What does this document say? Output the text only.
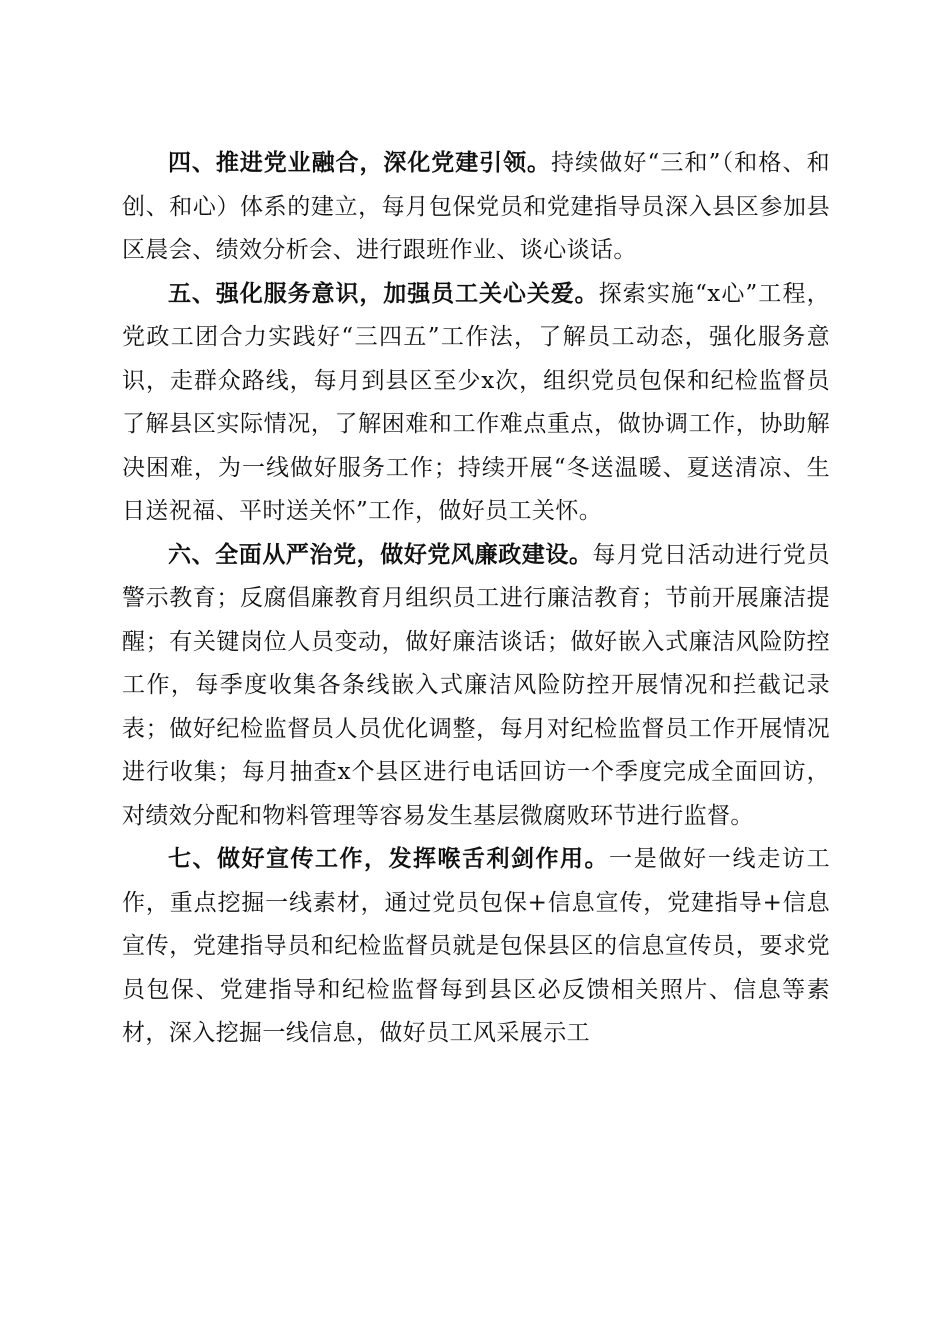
四、推进党业融合，深化党建引领。持续做好“三和”（和格、和创、和心）体系的建立，每月包保党员和党建指导员深入县区参加县区晨会、绩效分析会、进行跟班作业、谈心谈话。

五、强化服务意识，加强员工关心关爱。探索实施“x心”工程，党政工团合力实践好“三四五”工作法，了解员工动态，强化服务意识，走群众路线，每月到县区至少x次，组织党员包保和纪检监督员了解县区实际情况，了解困难和工作难点重点，做协调工作，协助解决困难，为一线做好服务工作；持续开展“冬送温暖、夏送清凉、生日送祝福、平时送关怀”工作，做好员工关怀。

六、全面从严治党，做好党风廉政建设。每月党日活动进行党员警示教育；反腐倡廉教育月组织员工进行廉洁教育；节前开展廉洁提醒；有关键岗位人员变动，做好廉洁谈话；做好嵌入式廉洁风险防控工作，每季度收集各条线嵌入式廉洁风险防控开展情况和拦截记录表；做好纪检监督员人员优化调整，每月对纪检监督员工作开展情况进行收集；每月抽查x个县区进行电话回访一个季度完成全面回访，对绩效分配和物料管理等容易发生基层微腐败环节进行监督。

七、做好宣传工作，发挥喉舌利剑作用。一是做好一线走访工作，重点挖掘一线素材，通过党员包保+信息宣传，党建指导+信息宣传，党建指导员和纪检监督员就是包保县区的信息宣传员，要求党员包保、党建指导和纪检监督每到县区必反馈相关照片、信息等素材，深入挖掘一线信息，做好员工风采展示工
